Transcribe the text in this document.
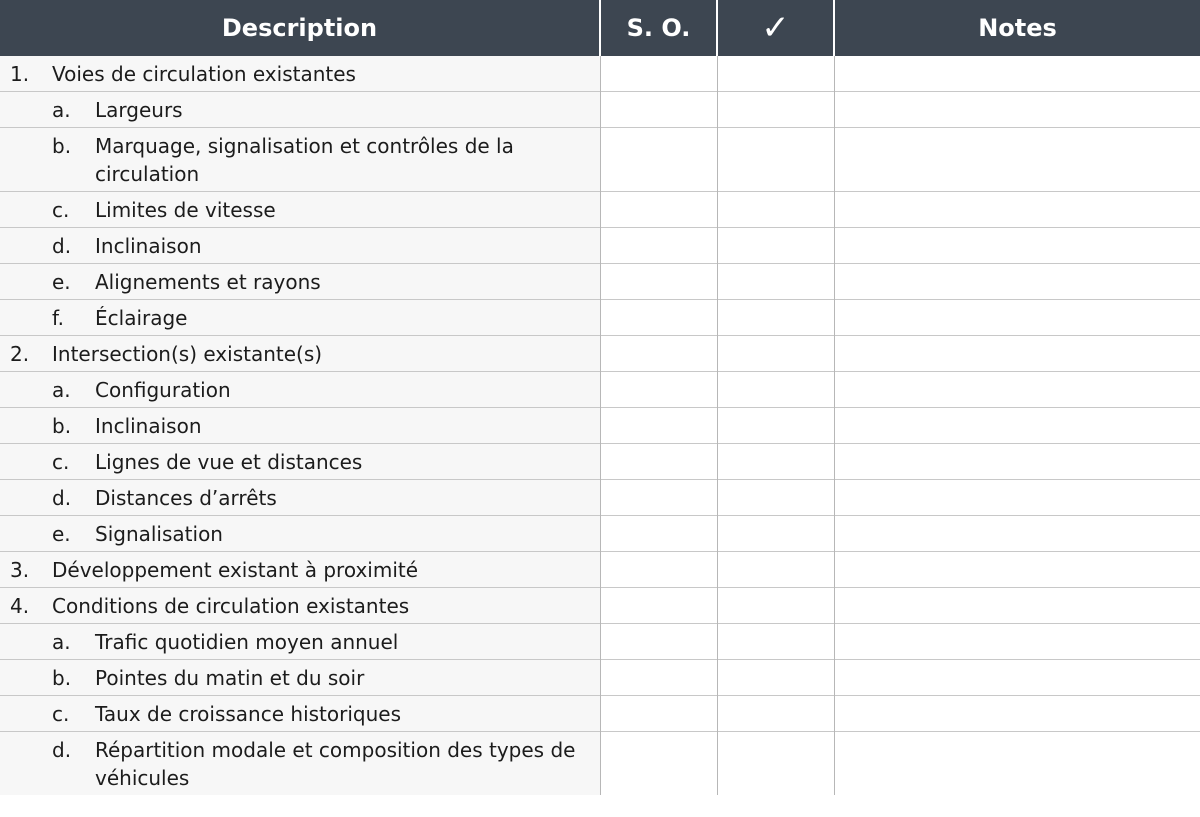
Description	S. O.	✓	Notes

1. Voies de circulation existantes			

a. Largeurs			

b. Marquage, signalisation et contrôles de la circulation			

c. Limites de vitesse			

d. Inclinaison			

e. Alignements et rayons			

f. Éclairage			

2. Intersection(s) existante(s)			

a. Configuration			

b. Inclinaison			

c. Lignes de vue et distances			

d. Distances d’arrêts			

e. Signalisation			

3. Développement existant à proximité			

4. Conditions de circulation existantes			

a. Trafic quotidien moyen annuel			

b. Pointes du matin et du soir			

c. Taux de croissance historiques			

d. Répartition modale et composition des types de véhicules			
